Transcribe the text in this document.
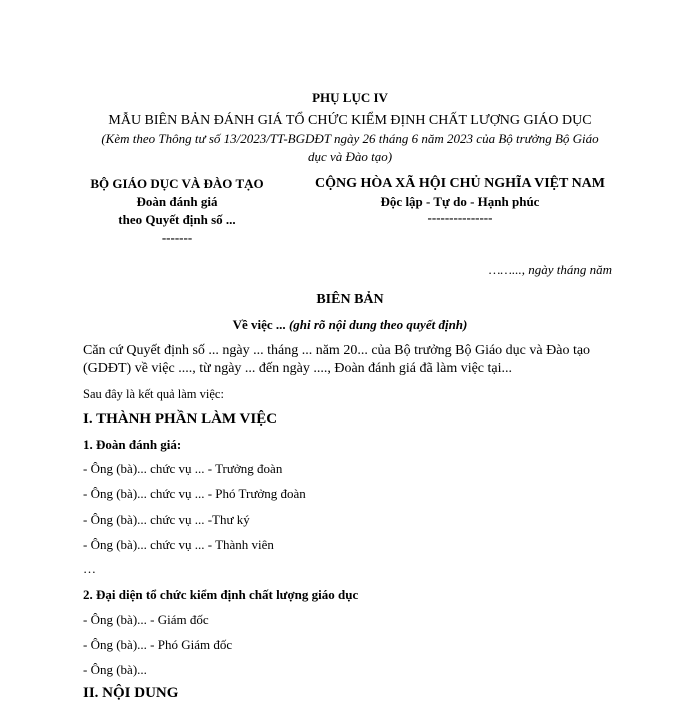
PHỤ LỤC IV

MẪU BIÊN BẢN ĐÁNH GIÁ TỔ CHỨC KIỂM ĐỊNH CHẤT LƯỢNG GIÁO DỤC

(Kèm theo Thông tư số 13/2023/TT-BGDĐT ngày 26 tháng 6 năm 2023 của Bộ trưởng Bộ Giáo

dục và Đào tạo)

BỘ GIÁO DỤC VÀ ĐÀO TẠO

Đoàn đánh giá

theo Quyết định số ...

-------

CỘNG HÒA XÃ HỘI CHỦ NGHĨA VIỆT NAM

Độc lập - Tự do - Hạnh phúc

---------------

……..., ngày tháng năm

BIÊN BẢN

Về việc ... (ghi rõ nội dung theo quyết định)

Căn cứ Quyết định số ... ngày ... tháng ... năm 20... của Bộ trưởng Bộ Giáo dục và Đào tạo

(GDĐT) về việc ...., từ ngày ... đến ngày ...., Đoàn đánh giá đã làm việc tại...

Sau đây là kết quả làm việc:

I. THÀNH PHẦN LÀM VIỆC

1. Đoàn đánh giá:

- Ông (bà)... chức vụ ... - Trưởng đoàn

- Ông (bà)... chức vụ ... - Phó Trưởng đoàn

- Ông (bà)... chức vụ ... -Thư ký

- Ông (bà)... chức vụ ... - Thành viên

…

2. Đại diện tổ chức kiểm định chất lượng giáo dục

- Ông (bà)... - Giám đốc

- Ông (bà)... - Phó Giám đốc

- Ông (bà)...

II. NỘI DUNG
